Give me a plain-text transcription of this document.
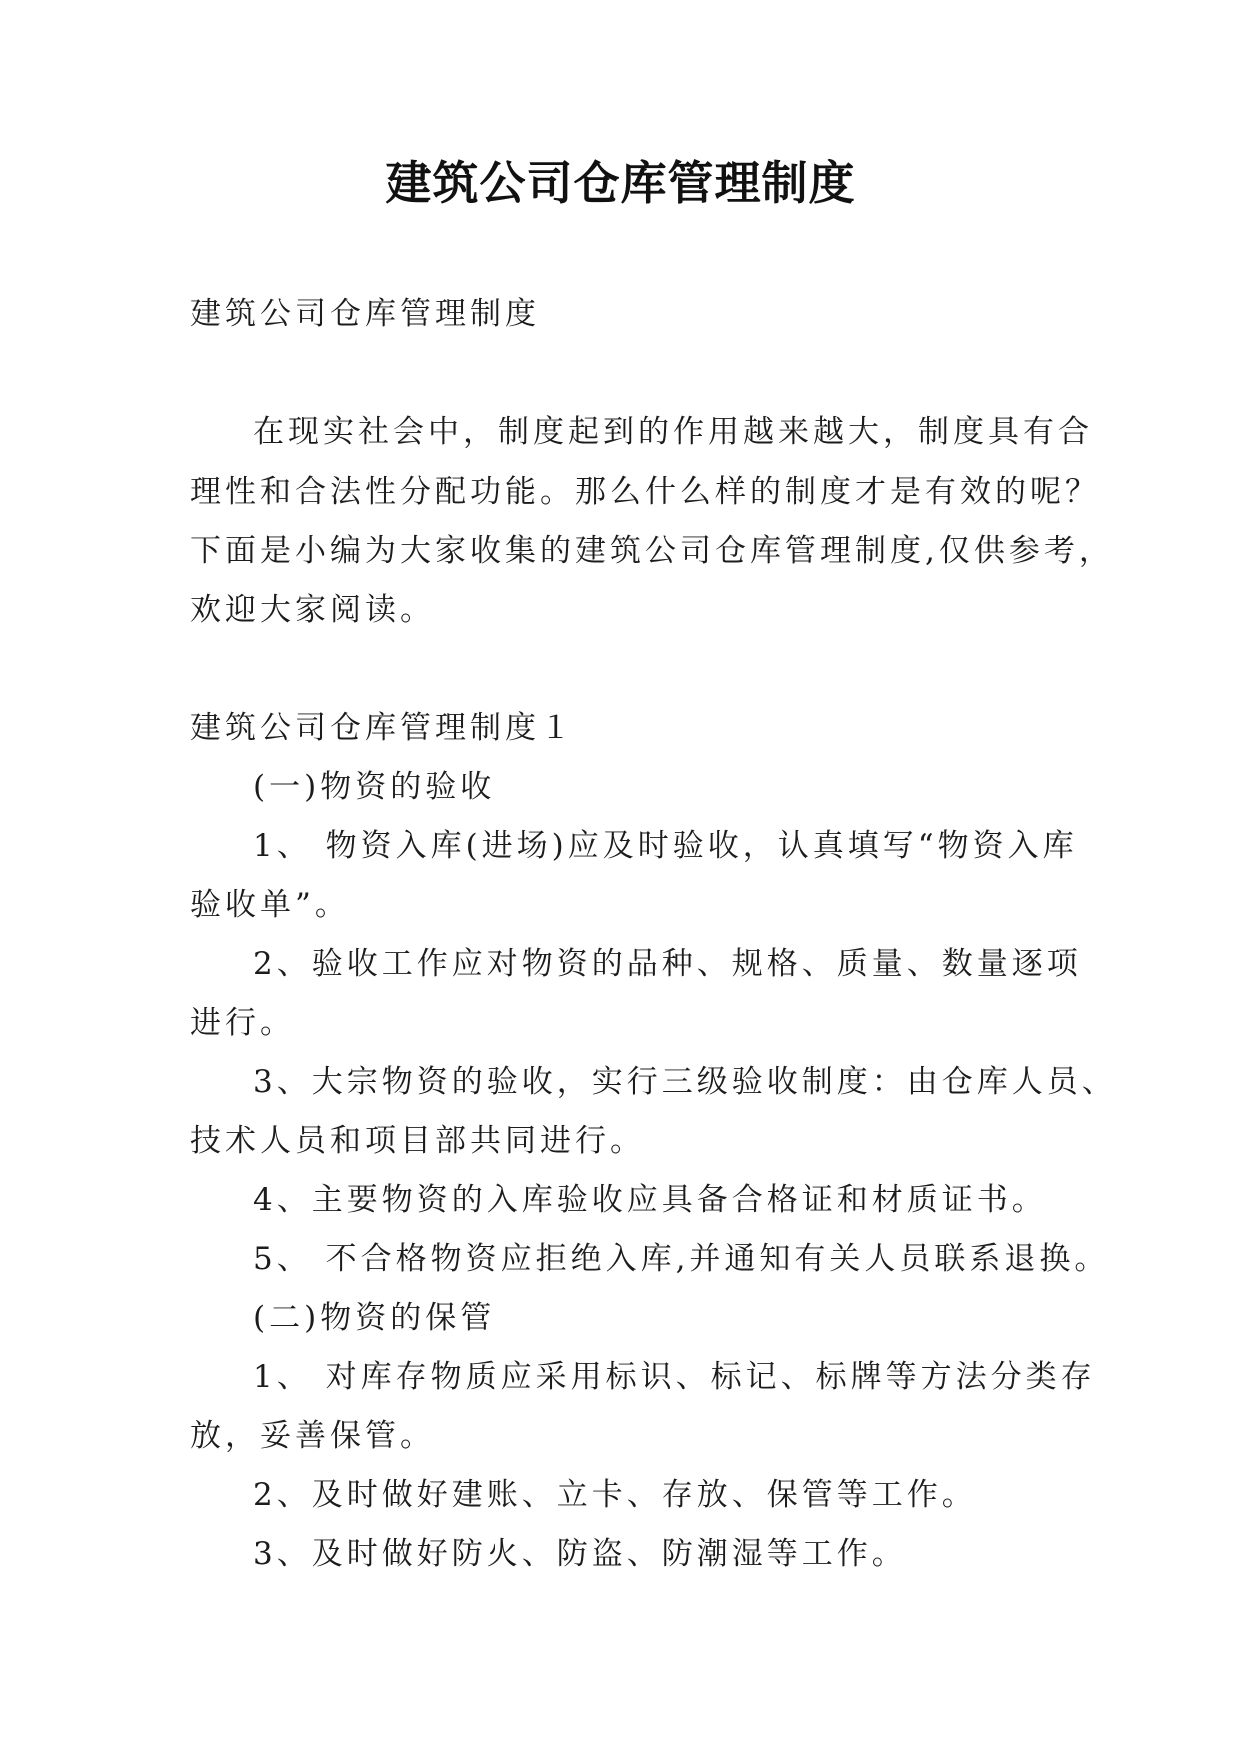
建筑公司仓库管理制度
建筑公司仓库管理制度
在现实社会中，制度起到的作用越来越大，制度具有合
理性和合法性分配功能。那么什么样的制度才是有效的呢？
下面是小编为大家收集的建筑公司仓库管理制度,仅供参考，
欢迎大家阅读。
建筑公司仓库管理制度１
(一)物资的验收
1、 物资入库(进场)应及时验收，认真填写“物资入库
验收单”。
2、验收工作应对物资的品种、规格、质量、数量逐项
进行。
3、大宗物资的验收，实行三级验收制度：由仓库人员、
技术人员和项目部共同进行。
4、主要物资的入库验收应具备合格证和材质证书。
5、 不合格物资应拒绝入库,并通知有关人员联系退换。
(二)物资的保管
1、 对库存物质应采用标识、标记、标牌等方法分类存
放，妥善保管。
2、及时做好建账、立卡、存放、保管等工作。
3、及时做好防火、防盗、防潮湿等工作。
